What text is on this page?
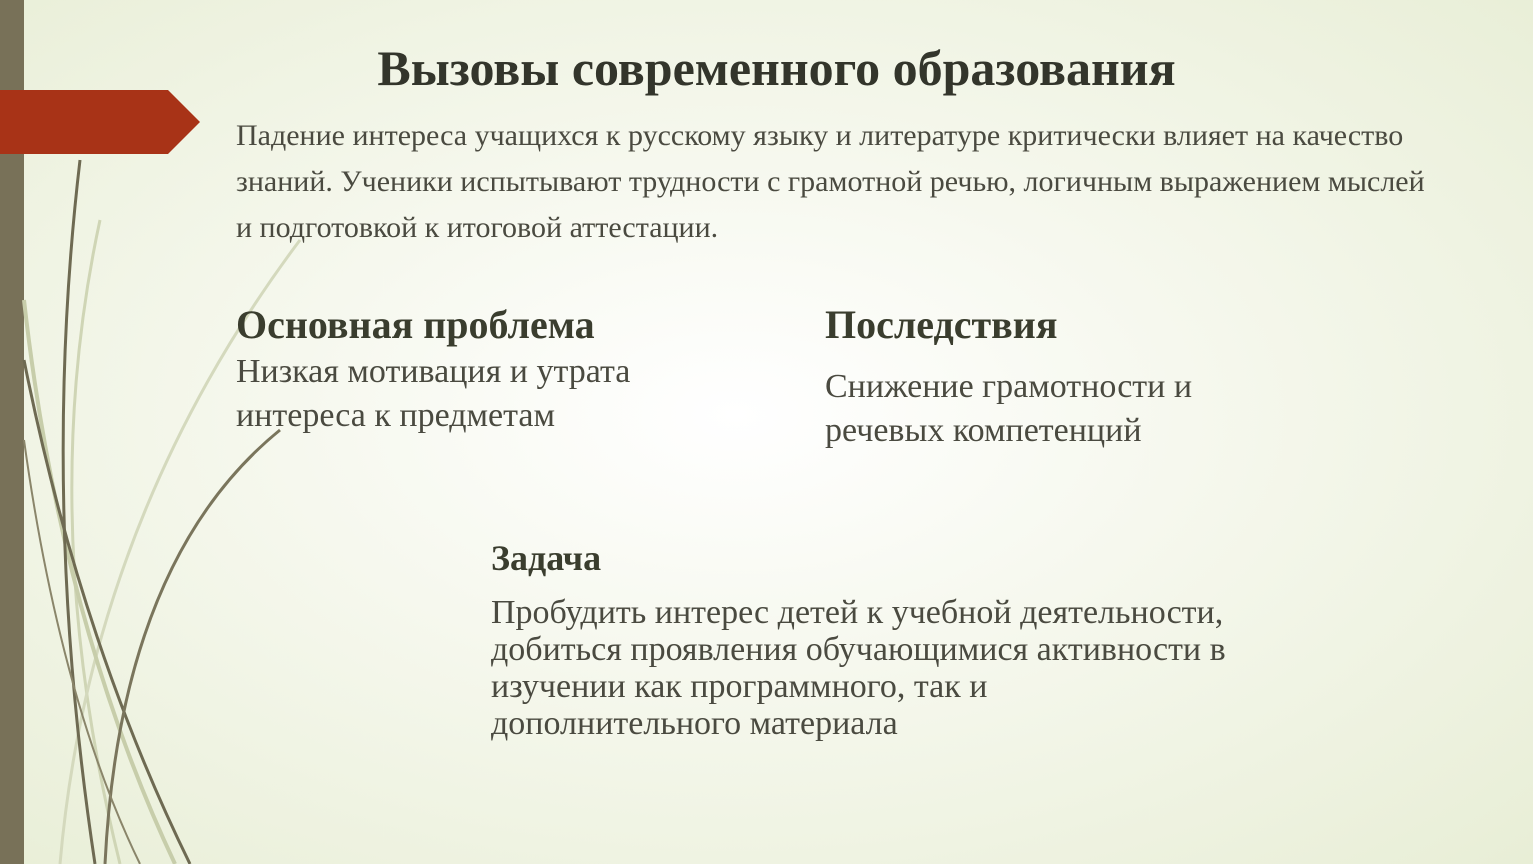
Вызовы современного образования

Падение интереса учащихся к русскому языку и литературе критически влияет на качество знаний. Ученики испытывают трудности с грамотной речью, логичным выражением мыслей и подготовкой к итоговой аттестации.

Основная проблема

Низкая мотивация и утрата интереса к предметам

Последствия

Снижение грамотности и речевых компетенций

Задача

Пробудить интерес детей к учебной деятельности, добиться проявления обучающимися активности в изучении как программного, так и дополнительного материала
